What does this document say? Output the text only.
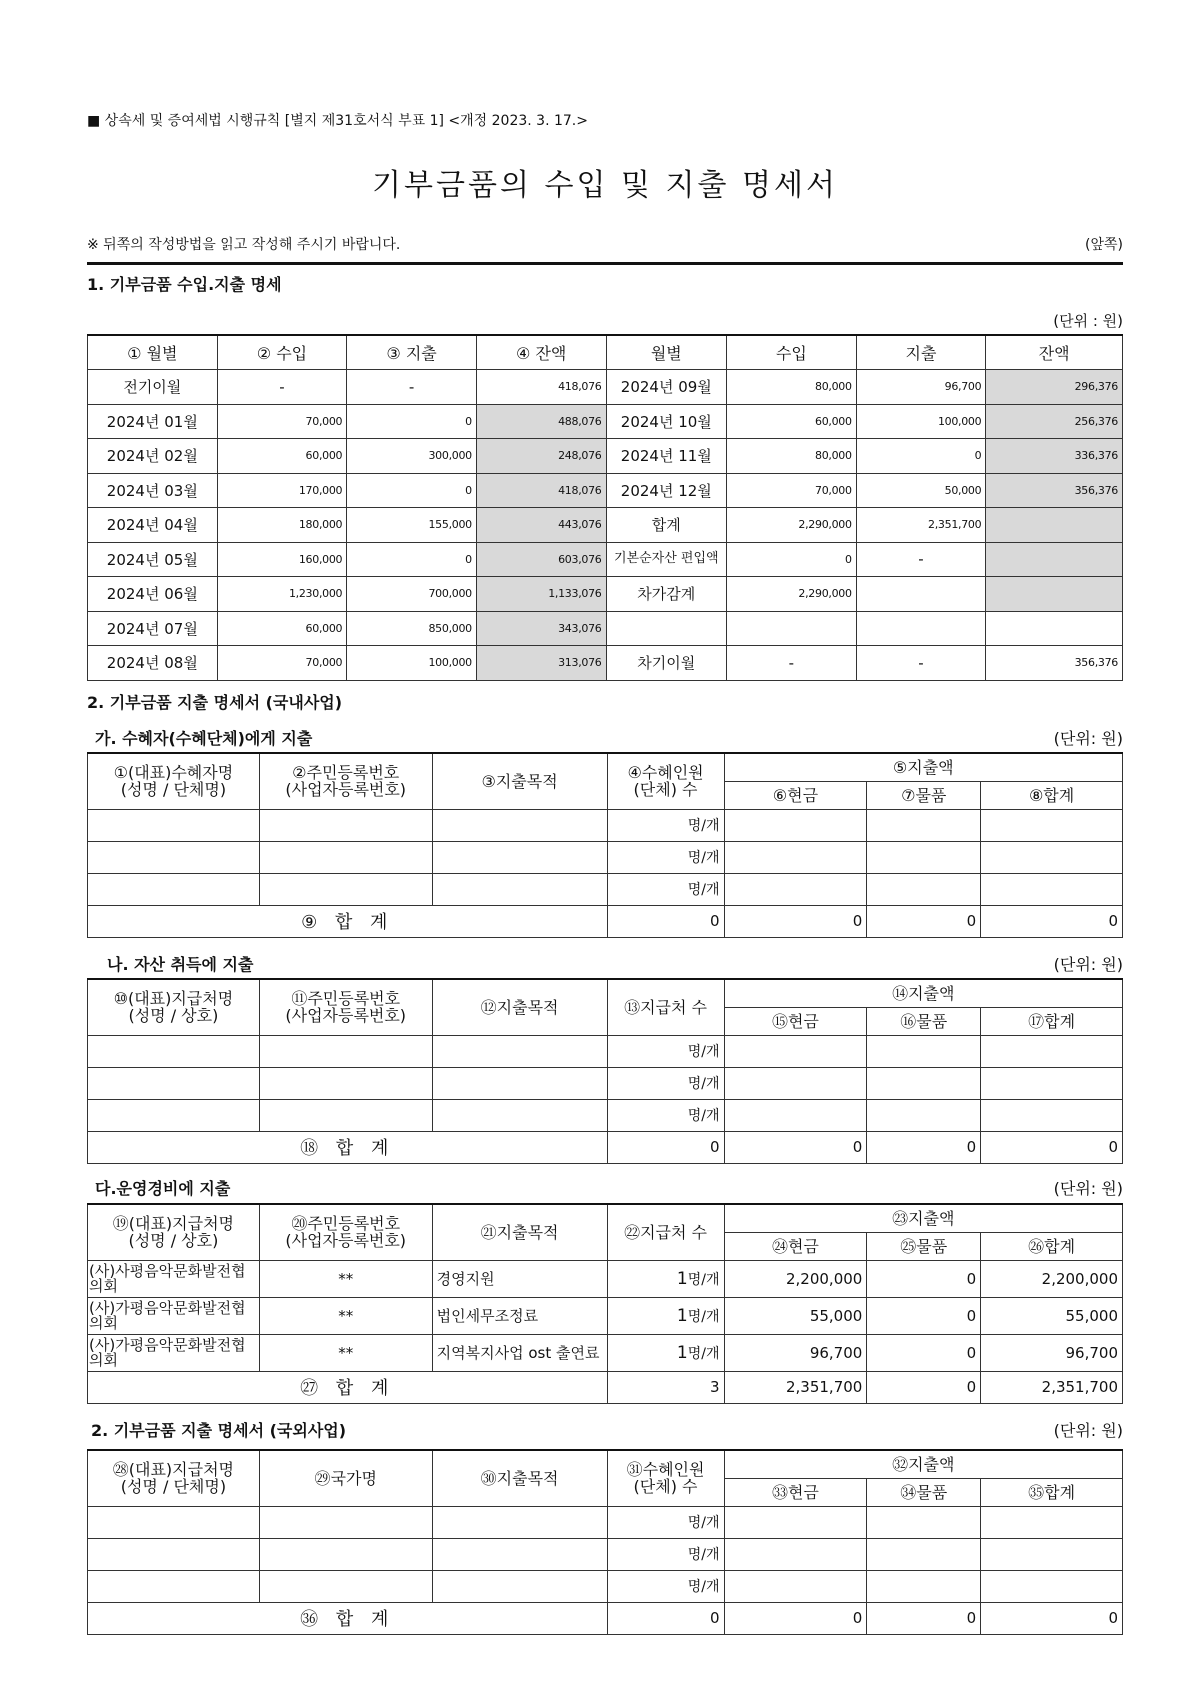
■ 상속세 및 증여세법 시행규칙 [별지 제31호서식 부표 1] <개정 2023. 3. 17.>
기부금품의 수입 및 지출 명세서
※ 뒤쪽의 작성방법을 읽고 작성해 주시기 바랍니다.	(앞쪽)
1. 기부금품 수입.지출 명세
(단위 : 원)
① 월별	② 수입	③ 지출	④ 잔액	월별	수입	지출	잔액
전기이월	-	-	418,076	2024년 09월	80,000	96,700	296,376
2024년 01월	70,000	0	488,076	2024년 10월	60,000	100,000	256,376
2024년 02월	60,000	300,000	248,076	2024년 11월	80,000	0	336,376
2024년 03월	170,000	0	418,076	2024년 12월	70,000	50,000	356,376
2024년 04월	180,000	155,000	443,076	합계	2,290,000	2,351,700	
2024년 05월	160,000	0	603,076	기본순자산 편입액	0	-	
2024년 06월	1,230,000	700,000	1,133,076	차가감계	2,290,000		
2024년 07월	60,000	850,000	343,076				
2024년 08월	70,000	100,000	313,076	차기이월	-	-	356,376
2. 기부금품 지출 명세서 (국내사업)
가. 수혜자(수혜단체)에게 지출	(단위: 원)
①(대표)수혜자명
(성명 / 단체명)	②주민등록번호
(사업자등록번호)	③지출목적	④수혜인원
(단체) 수	⑤지출액		
				⑥현금	⑦물품	⑧합계
			명/개			
			명/개			
			명/개			
⑨ 합 계			0	0	0	0
나. 자산 취득에 지출	(단위: 원)
⑩(대표)지급처명
(성명 / 상호)	⑪주민등록번호
(사업자등록번호)	⑫지출목적	⑬지급처 수	⑭지출액		
				⑮현금	⑯물품	⑰합계
			명/개			
			명/개			
			명/개			
⑱ 합 계			0	0	0	0
다.운영경비에 지출	(단위: 원)
⑲(대표)지급처명
(성명 / 상호)	⑳주민등록번호
(사업자등록번호)	㉑지출목적	㉒지급처 수	㉓지출액		
				㉔현금	㉕물품	㉖합계
(사)사평음악문화발전협의회	**	경영지원	1명/개	2,200,000	0	2,200,000
(사)가평음악문화발전협의회	**	법인세무조정료	1명/개	55,000	0	55,000
(사)가평음악문화발전협의회	**	지역복지사업 ost 출연료	1명/개	96,700	0	96,700
㉗ 합 계			3	2,351,700	0	2,351,700
2. 기부금품 지출 명세서 (국외사업)	(단위: 원)
㉘(대표)지급처명
(성명 / 단체명)	㉙국가명	㉚지출목적	㉛수혜인원
(단체) 수	㉜지출액		
				㉝현금	㉞물품	㉟합계
			명/개			
			명/개			
			명/개			
㊱ 합 계			0	0	0	0
